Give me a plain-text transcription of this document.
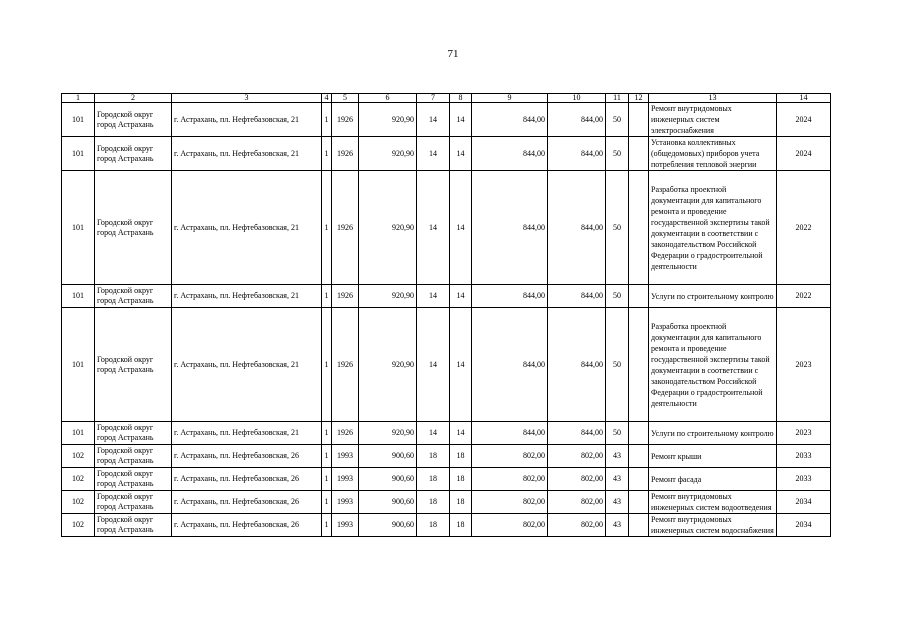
71
1	2	3	4	5	6	7	8	9	10	11	12	13	14
101	Городской округ город Астрахань	г. Астрахань, пл. Нефтебазовская, 21	1	1926	920,90	14	14	844,00	844,00	50		Ремонт внутридомовых инженерных систем электроснабжения	2024
101	Городской округ город Астрахань	г. Астрахань, пл. Нефтебазовская, 21	1	1926	920,90	14	14	844,00	844,00	50		Установка коллективных (общедомовых) приборов учета потребления тепловой энергии	2024
101	Городской округ город Астрахань	г. Астрахань, пл. Нефтебазовская, 21	1	1926	920,90	14	14	844,00	844,00	50		Разработка проектной документации для капитального ремонта и проведение государственной экспертизы такой документации в соответствии с законодательством Российской Федерации о градостроительной деятельности	2022
101	Городской округ город Астрахань	г. Астрахань, пл. Нефтебазовская, 21	1	1926	920,90	14	14	844,00	844,00	50		Услуги по строительному контролю	2022
101	Городской округ город Астрахань	г. Астрахань, пл. Нефтебазовская, 21	1	1926	920,90	14	14	844,00	844,00	50		Разработка проектной документации для капитального ремонта и проведение государственной экспертизы такой документации в соответствии с законодательством Российской Федерации о градостроительной деятельности	2023
101	Городской округ город Астрахань	г. Астрахань, пл. Нефтебазовская, 21	1	1926	920,90	14	14	844,00	844,00	50		Услуги по строительному контролю	2023
102	Городской округ город Астрахань	г. Астрахань, пл. Нефтебазовская, 26	1	1993	900,60	18	18	802,00	802,00	43		Ремонт крыши	2033
102	Городской округ город Астрахань	г. Астрахань, пл. Нефтебазовская, 26	1	1993	900,60	18	18	802,00	802,00	43		Ремонт фасада	2033
102	Городской округ город Астрахань	г. Астрахань, пл. Нефтебазовская, 26	1	1993	900,60	18	18	802,00	802,00	43		Ремонт внутридомовых инженерных систем водоотведения	2034
102	Городской округ город Астрахань	г. Астрахань, пл. Нефтебазовская, 26	1	1993	900,60	18	18	802,00	802,00	43		Ремонт внутридомовых инженерных систем водоснабжения	2034
